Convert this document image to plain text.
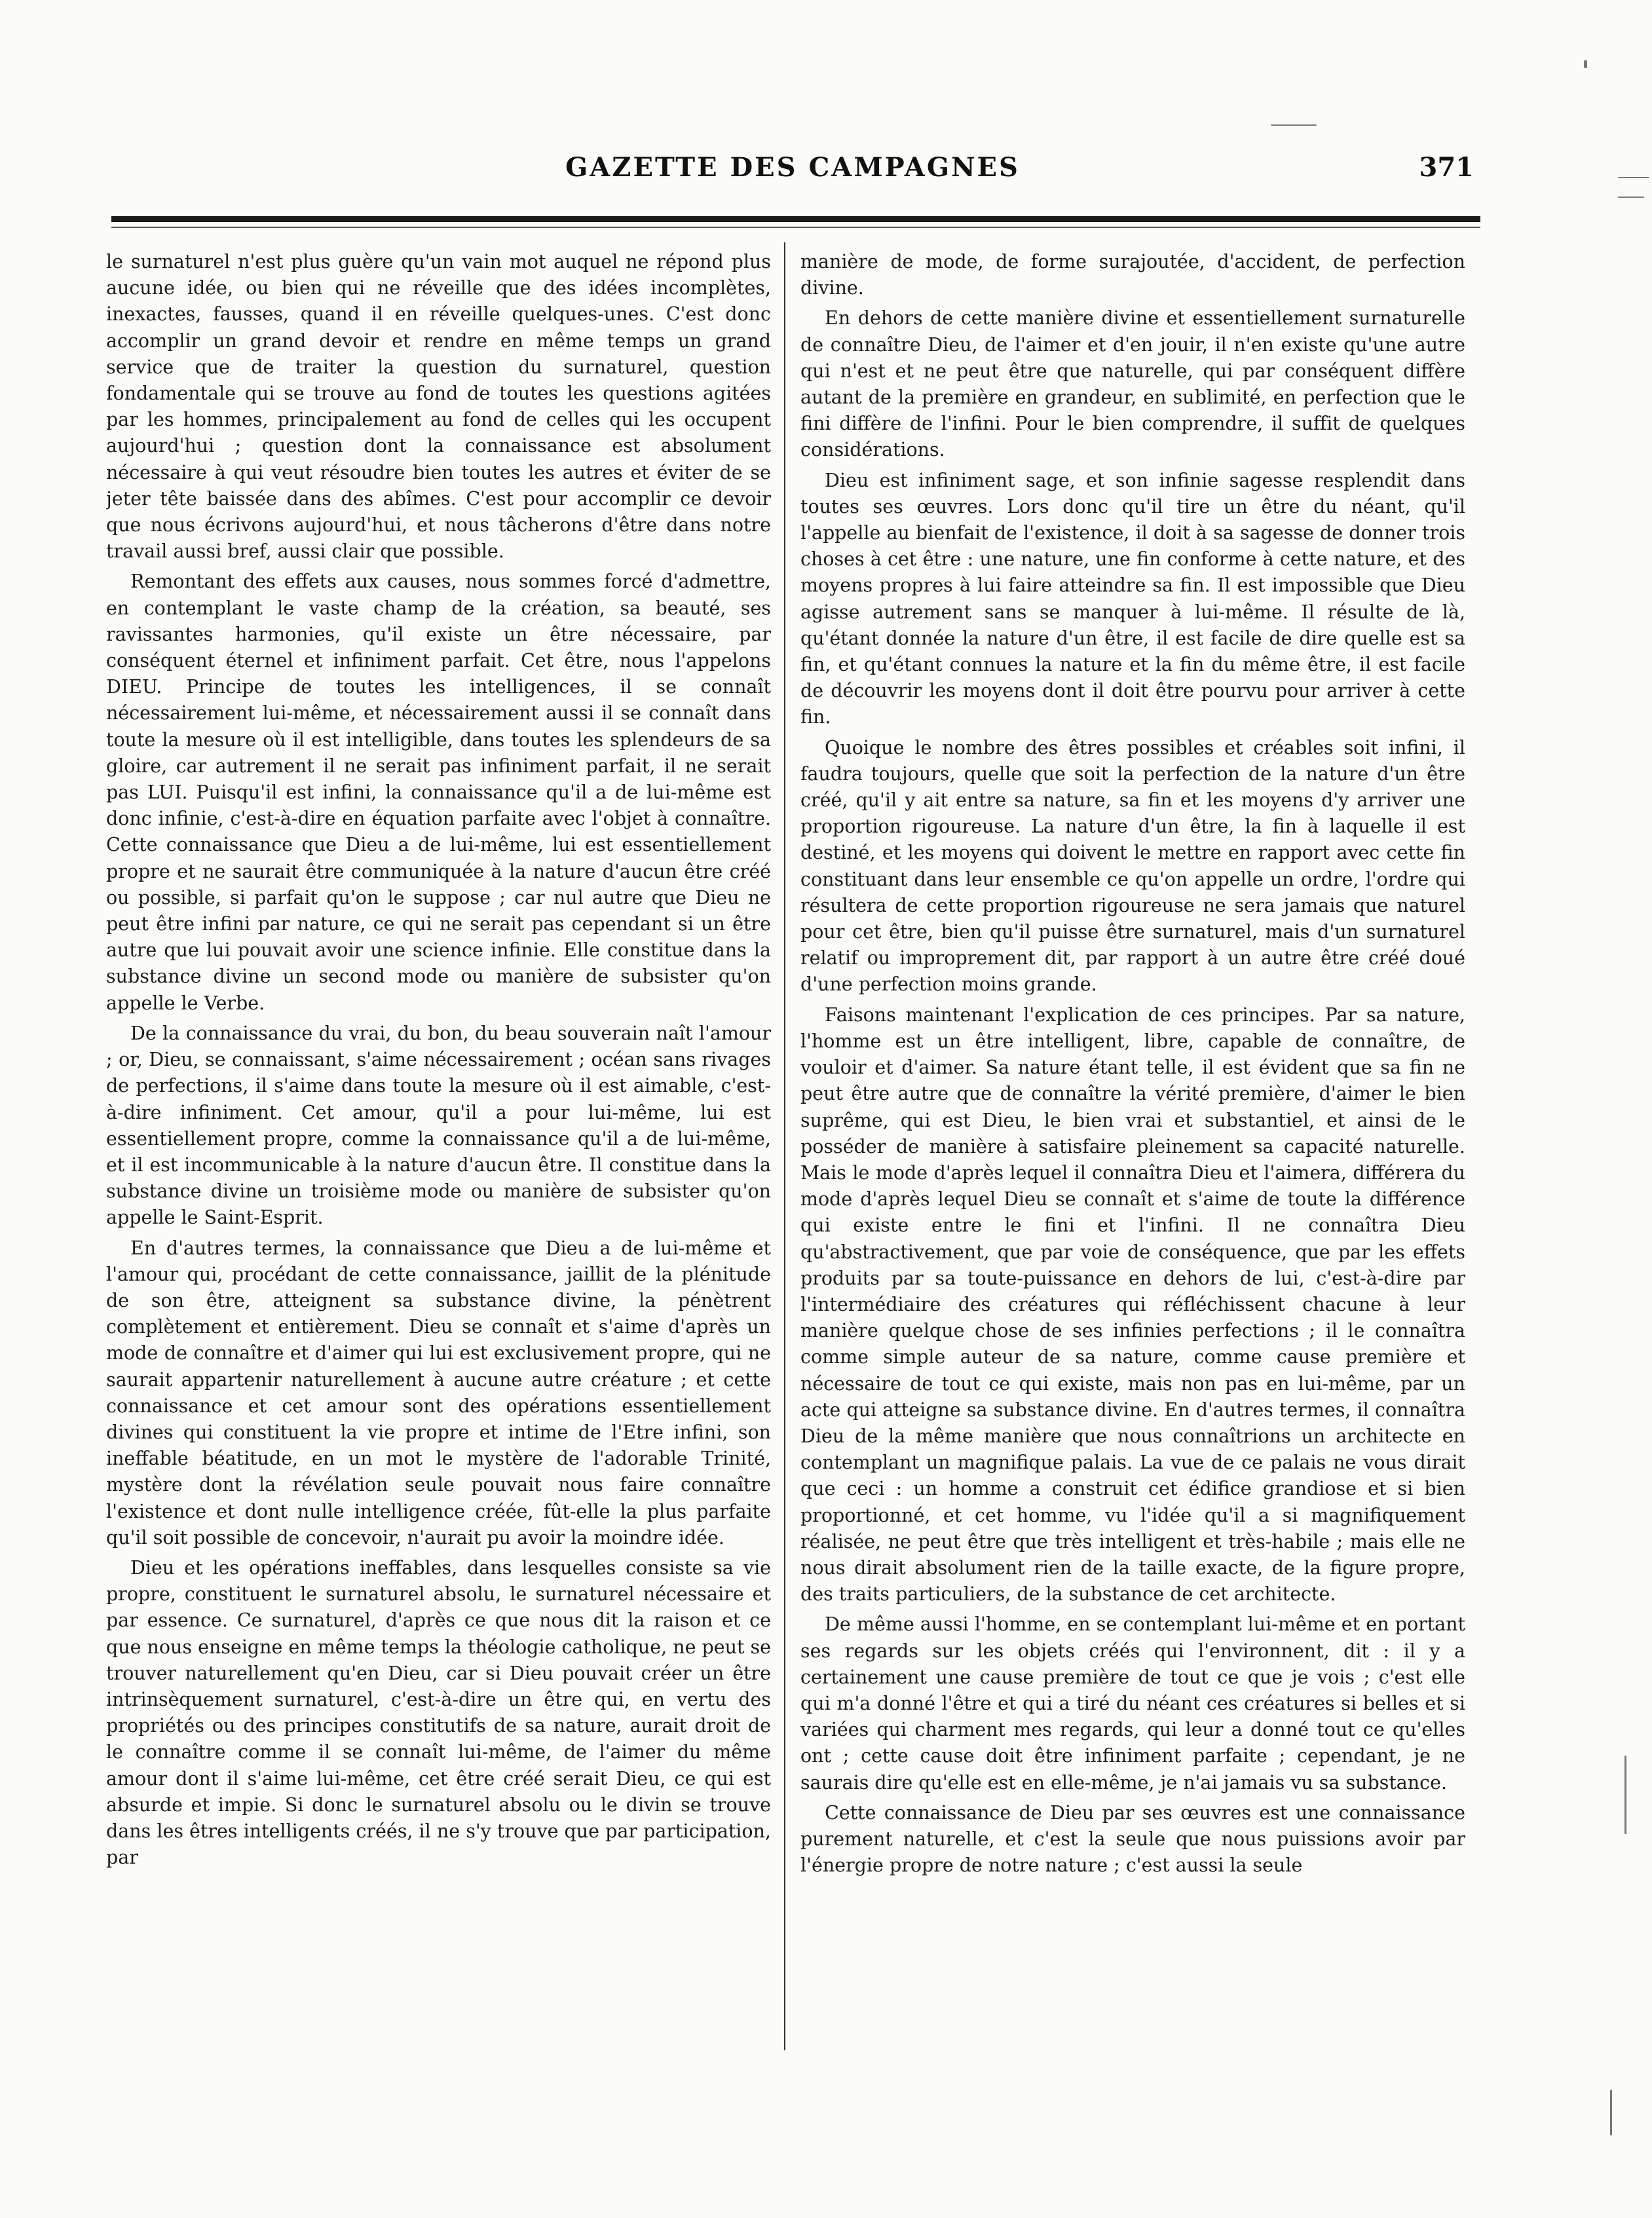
GAZETTE DES CAMPAGNES	371

le surnaturel n'est plus guère qu'un vain mot auquel ne répond plus aucune idée, ou bien qui ne réveille que des idées incomplètes, inexactes, fausses, quand il en réveille quelques-unes. C'est donc accomplir un grand devoir et rendre en même temps un grand service que de traiter la question du surnaturel, question fondamentale qui se trouve au fond de toutes les questions agitées par les hommes, principalement au fond de celles qui les occupent aujourd'hui ; question dont la connaissance est absolument nécessaire à qui veut résoudre bien toutes les autres et éviter de se jeter tête baissée dans des abîmes. C'est pour accomplir ce devoir que nous écrivons aujourd'hui, et nous tâcherons d'être dans notre travail aussi bref, aussi clair que possible.

Remontant des effets aux causes, nous sommes forcé d'admettre, en contemplant le vaste champ de la création, sa beauté, ses ravissantes harmonies, qu'il existe un être nécessaire, par conséquent éternel et infiniment parfait. Cet être, nous l'appelons DIEU. Principe de toutes les intelligences, il se connaît nécessairement lui-même, et nécessairement aussi il se connaît dans toute la mesure où il est intelligible, dans toutes les splendeurs de sa gloire, car autrement il ne serait pas infiniment parfait, il ne serait pas LUI. Puisqu'il est infini, la connaissance qu'il a de lui-même est donc infinie, c'est-à-dire en équation parfaite avec l'objet à connaître. Cette connaissance que Dieu a de lui-même, lui est essentiellement propre et ne saurait être communiquée à la nature d'aucun être créé ou possible, si parfait qu'on le suppose ; car nul autre que Dieu ne peut être infini par nature, ce qui ne serait pas cependant si un être autre que lui pouvait avoir une science infinie. Elle constitue dans la substance divine un second mode ou manière de subsister qu'on appelle le Verbe.

De la connaissance du vrai, du bon, du beau souverain naît l'amour ; or, Dieu, se connaissant, s'aime nécessairement ; océan sans rivages de perfections, il s'aime dans toute la mesure où il est aimable, c'est-à-dire infiniment. Cet amour, qu'il a pour lui-même, lui est essentiellement propre, comme la connaissance qu'il a de lui-même, et il est incommunicable à la nature d'aucun être. Il constitue dans la substance divine un troisième mode ou manière de subsister qu'on appelle le Saint-Esprit.

En d'autres termes, la connaissance que Dieu a de lui-même et l'amour qui, procédant de cette connaissance, jaillit de la plénitude de son être, atteignent sa substance divine, la pénètrent complètement et entièrement. Dieu se connaît et s'aime d'après un mode de connaître et d'aimer qui lui est exclusivement propre, qui ne saurait appartenir naturellement à aucune autre créature ; et cette connaissance et cet amour sont des opérations essentiellement divines qui constituent la vie propre et intime de l'Etre infini, son ineffable béatitude, en un mot le mystère de l'adorable Trinité, mystère dont la révélation seule pouvait nous faire connaître l'existence et dont nulle intelligence créée, fût-elle la plus parfaite qu'il soit possible de concevoir, n'aurait pu avoir la moindre idée.

Dieu et les opérations ineffables, dans lesquelles consiste sa vie propre, constituent le surnaturel absolu, le surnaturel nécessaire et par essence. Ce surnaturel, d'après ce que nous dit la raison et ce que nous enseigne en même temps la théologie catholique, ne peut se trouver naturellement qu'en Dieu, car si Dieu pouvait créer un être intrinsèquement surnaturel, c'est-à-dire un être qui, en vertu des propriétés ou des principes constitutifs de sa nature, aurait droit de le connaître comme il se connaît lui-même, de l'aimer du même amour dont il s'aime lui-même, cet être créé serait Dieu, ce qui est absurde et impie. Si donc le surnaturel absolu ou le divin se trouve dans les êtres intelligents créés, il ne s'y trouve que par participation, par

manière de mode, de forme surajoutée, d'accident, de perfection divine.

En dehors de cette manière divine et essentiellement surnaturelle de connaître Dieu, de l'aimer et d'en jouir, il n'en existe qu'une autre qui n'est et ne peut être que naturelle, qui par conséquent diffère autant de la première en grandeur, en sublimité, en perfection que le fini diffère de l'infini. Pour le bien comprendre, il suffit de quelques considérations.

Dieu est infiniment sage, et son infinie sagesse resplendit dans toutes ses œuvres. Lors donc qu'il tire un être du néant, qu'il l'appelle au bienfait de l'existence, il doit à sa sagesse de donner trois choses à cet être : une nature, une fin conforme à cette nature, et des moyens propres à lui faire atteindre sa fin. Il est impossible que Dieu agisse autrement sans se manquer à lui-même. Il résulte de là, qu'étant donnée la nature d'un être, il est facile de dire quelle est sa fin, et qu'étant connues la nature et la fin du même être, il est facile de découvrir les moyens dont il doit être pourvu pour arriver à cette fin.

Quoique le nombre des êtres possibles et créables soit infini, il faudra toujours, quelle que soit la perfection de la nature d'un être créé, qu'il y ait entre sa nature, sa fin et les moyens d'y arriver une proportion rigoureuse. La nature d'un être, la fin à laquelle il est destiné, et les moyens qui doivent le mettre en rapport avec cette fin constituant dans leur ensemble ce qu'on appelle un ordre, l'ordre qui résultera de cette proportion rigoureuse ne sera jamais que naturel pour cet être, bien qu'il puisse être surnaturel, mais d'un surnaturel relatif ou improprement dit, par rapport à un autre être créé doué d'une perfection moins grande.

Faisons maintenant l'explication de ces principes. Par sa nature, l'homme est un être intelligent, libre, capable de connaître, de vouloir et d'aimer. Sa nature étant telle, il est évident que sa fin ne peut être autre que de connaître la vérité première, d'aimer le bien suprême, qui est Dieu, le bien vrai et substantiel, et ainsi de le posséder de manière à satisfaire pleinement sa capacité naturelle. Mais le mode d'après lequel il connaîtra Dieu et l'aimera, différera du mode d'après lequel Dieu se connaît et s'aime de toute la différence qui existe entre le fini et l'infini. Il ne connaîtra Dieu qu'abstractivement, que par voie de conséquence, que par les effets produits par sa toute-puissance en dehors de lui, c'est-à-dire par l'intermédiaire des créatures qui réfléchissent chacune à leur manière quelque chose de ses infinies perfections ; il le connaîtra comme simple auteur de sa nature, comme cause première et nécessaire de tout ce qui existe, mais non pas en lui-même, par un acte qui atteigne sa substance divine. En d'autres termes, il connaîtra Dieu de la même manière que nous connaîtrions un architecte en contemplant un magnifique palais. La vue de ce palais ne vous dirait que ceci : un homme a construit cet édifice grandiose et si bien proportionné, et cet homme, vu l'idée qu'il a si magnifiquement réalisée, ne peut être que très intelligent et très-habile ; mais elle ne nous dirait absolument rien de la taille exacte, de la figure propre, des traits particuliers, de la substance de cet architecte.

De même aussi l'homme, en se contemplant lui-même et en portant ses regards sur les objets créés qui l'environnent, dit : il y a certainement une cause première de tout ce que je vois ; c'est elle qui m'a donné l'être et qui a tiré du néant ces créatures si belles et si variées qui charment mes regards, qui leur a donné tout ce qu'elles ont ; cette cause doit être infiniment parfaite ; cependant, je ne saurais dire qu'elle est en elle-même, je n'ai jamais vu sa substance.

Cette connaissance de Dieu par ses œuvres est une connaissance purement naturelle, et c'est la seule que nous puissions avoir par l'énergie propre de notre nature ; c'est aussi la seule
